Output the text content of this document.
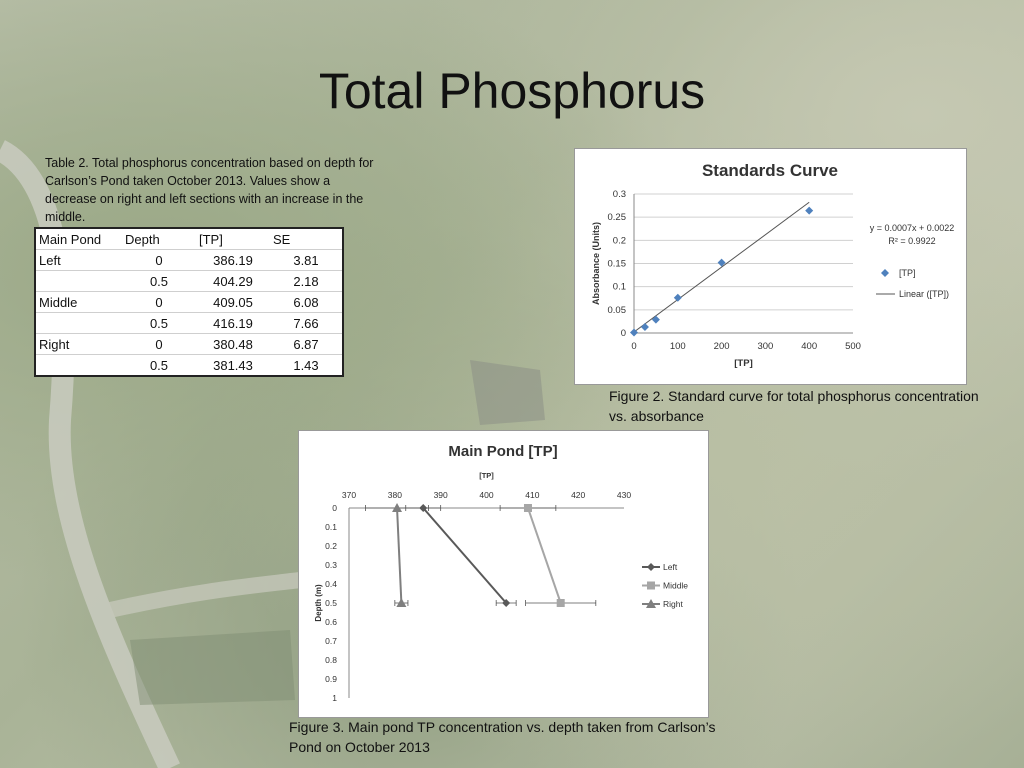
Total Phosphorus
Table 2. Total phosphorus concentration based on depth for Carlson’s Pond taken October 2013. Values show a decrease on right and left sections with an increase in the middle.
Main Pond	Depth	[TP]	SE
Left	0	386.19	3.81
	0.5	404.29	2.18
Middle	0	409.05	6.08
	0.5	416.19	7.66
Right	0	380.48	6.87
	0.5	381.43	1.43
Standards Curve
0
0.05
0.1
0.15
0.2
0.25
0.3
0	100	200	300	400	500
[TP]
Absorbance (Units)	y = 0.0007x + 0.0022
R² = 0.9922
[TP]
Linear ([TP])
Figure 2. Standard curve for total phosphorus concentration vs. absorbance
Main Pond [TP]
[TP]
370	380	390	400	410	420	430
0
0.1
0.2
0.3
0.4
0.5
0.6
0.7
0.8
0.9
1
Depth (m)
Left
Middle
Right
Figure 3. Main pond TP concentration vs. depth taken from Carlson’s Pond on October 2013
